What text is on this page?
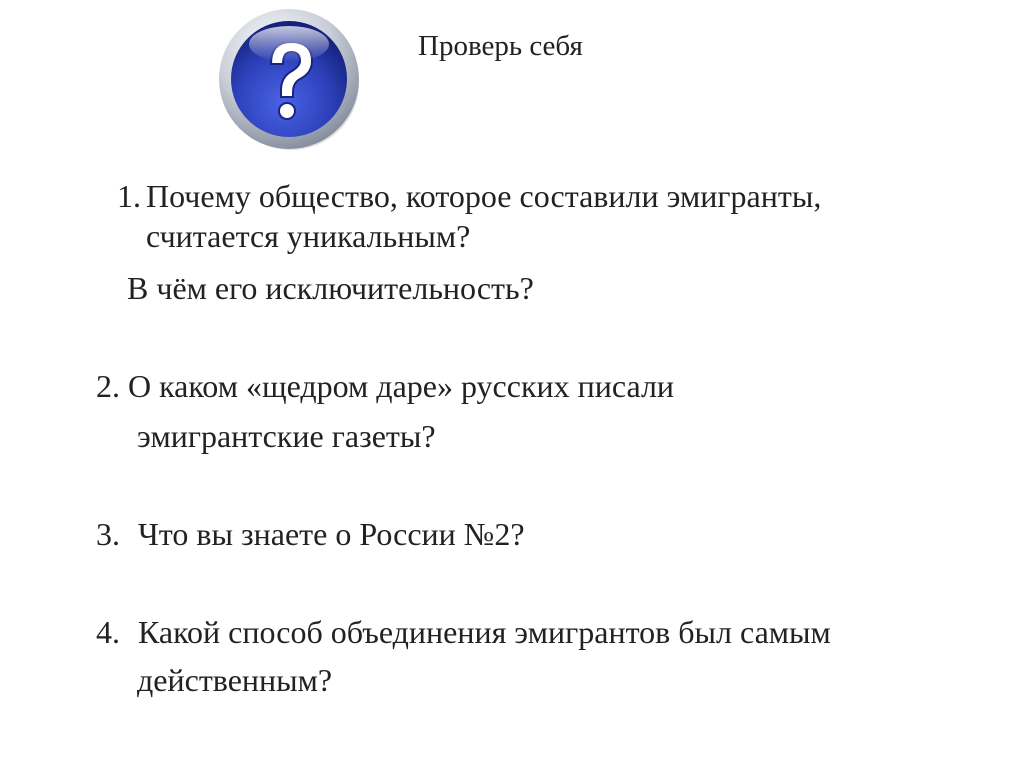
Проверь себя
1. Почему общество, которое составили эмигранты,
считается уникальным?
В чём его исключительность?
2. О каком «щедром даре» русских писали
эмигрантские газеты?
3. Что вы знаете о России №2?
4. Какой способ объединения эмигрантов был самым
действенным?
